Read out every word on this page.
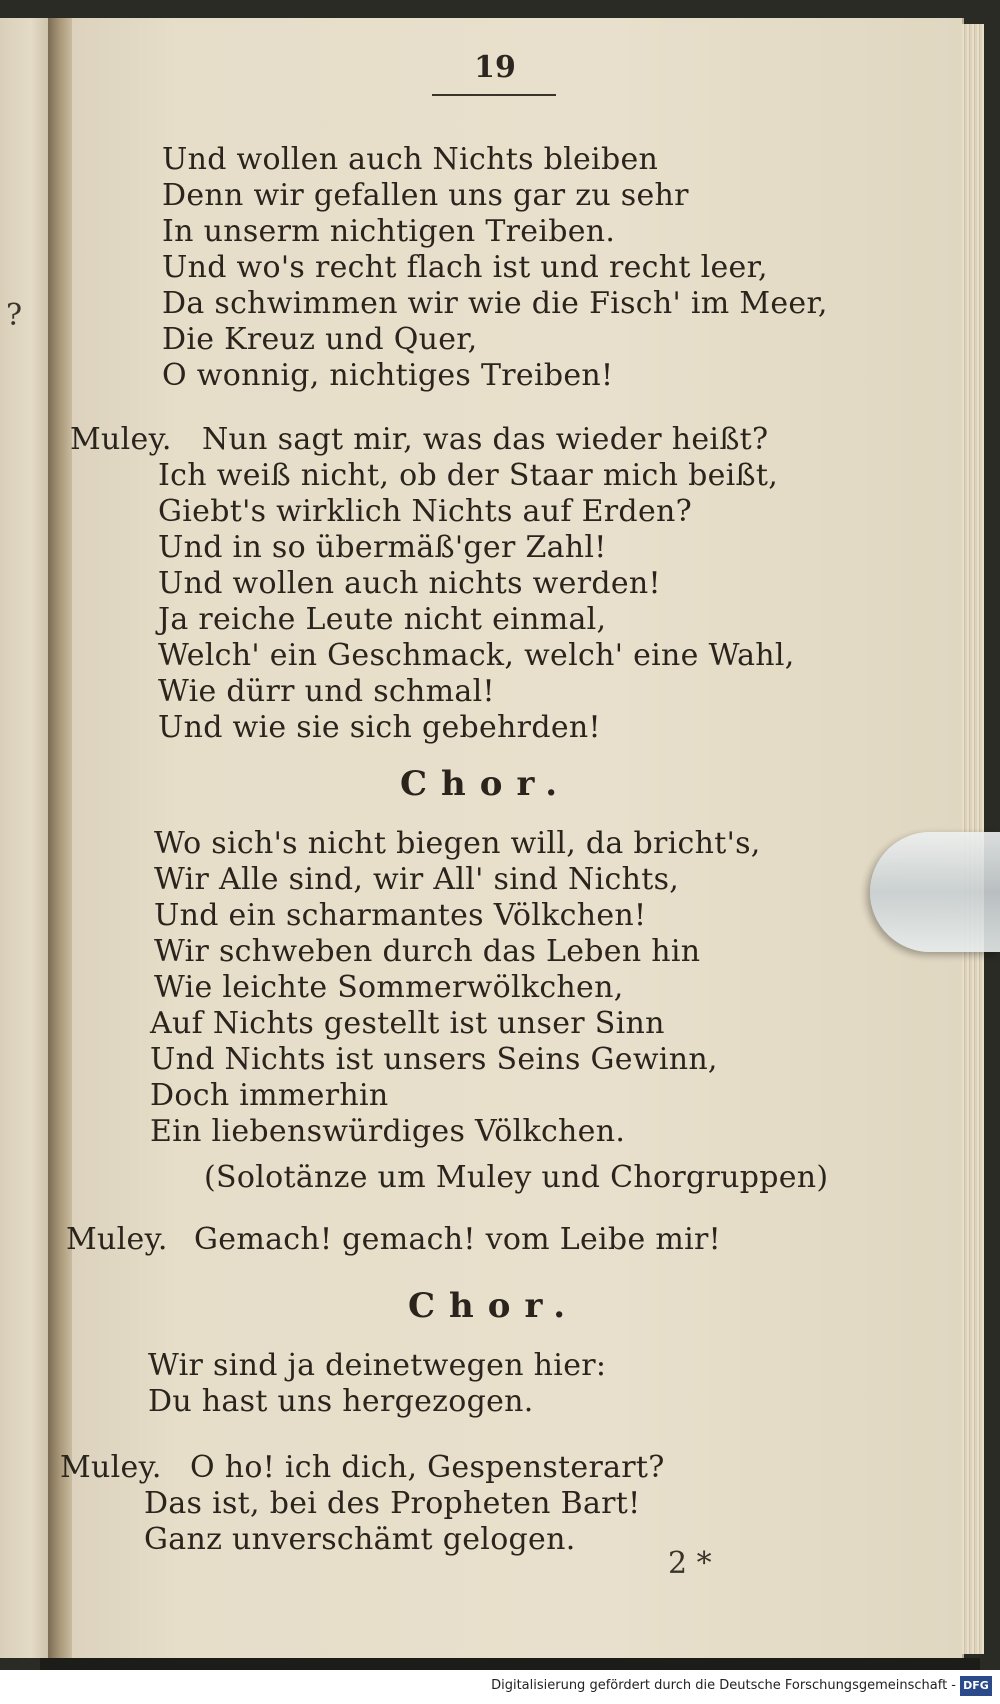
?
19
Und wollen auch Nichts bleiben
Denn wir gefallen uns gar zu sehr
In unserm nichtigen Treiben.
Und wo's recht flach ist und recht leer,
Da schwimmen wir wie die Fisch' im Meer,
Die Kreuz und Quer,
O wonnig, nichtiges Treiben!
Muley. Nun sagt mir, was das wieder heißt?
Ich weiß nicht, ob der Staar mich beißt,
Giebt's wirklich Nichts auf Erden?
Und in so übermäß'ger Zahl!
Und wollen auch nichts werden!
Ja reiche Leute nicht einmal,
Welch' ein Geschmack, welch' eine Wahl,
Wie dürr und schmal!
Und wie sie sich gebehrden!
Chor.
Wo sich's nicht biegen will, da bricht's,
Wir Alle sind, wir All' sind Nichts,
Und ein scharmantes Völkchen!
Wir schweben durch das Leben hin
Wie leichte Sommerwölkchen,
Auf Nichts gestellt ist unser Sinn
Und Nichts ist unsers Seins Gewinn,
Doch immerhin
Ein liebenswürdiges Völkchen.
(Solotänze um Muley und Chorgruppen)
Muley. Gemach! gemach! vom Leibe mir!
Chor.
Wir sind ja deinetwegen hier:
Du hast uns hergezogen.
Muley. O ho! ich dich, Gespensterart?
Das ist, bei des Propheten Bart!
Ganz unverschämt gelogen.
2 *
Digitalisierung gefördert durch die Deutsche Forschungsgemeinschaft - DFG
